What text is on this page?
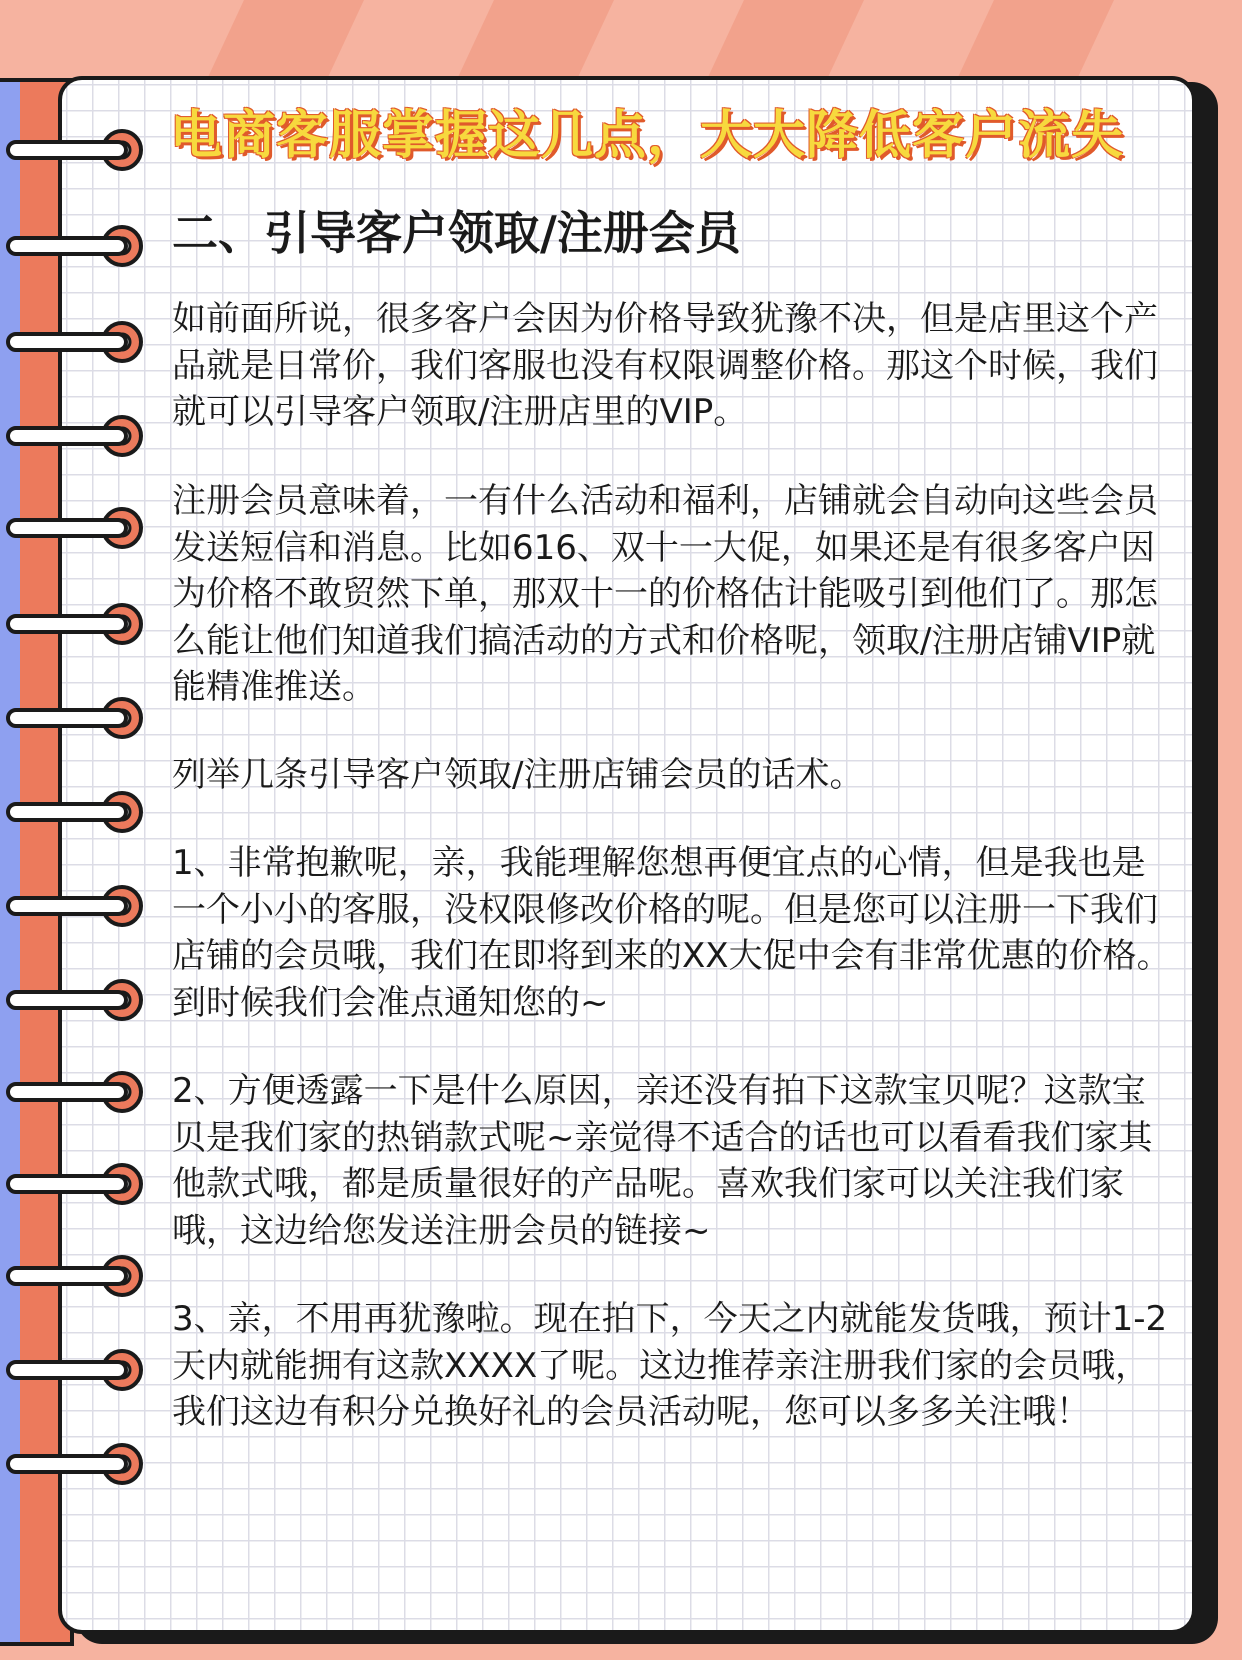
电商客服掌握这几点，大大降低客户流失
二、引导客户领取/注册会员
如前面所说，很多客户会因为价格导致犹豫不决，但是店里这个产品就是日常价，我们客服也没有权限调整价格。那这个时候，我们就可以引导客户领取/注册店里的VIP。
注册会员意味着，一有什么活动和福利，店铺就会自动向这些会员发送短信和消息。比如616、双十一大促，如果还是有很多客户因为价格不敢贸然下单，那双十一的价格估计能吸引到他们了。那怎么能让他们知道我们搞活动的方式和价格呢，领取/注册店铺VIP就能精准推送。
列举几条引导客户领取/注册店铺会员的话术。
1、非常抱歉呢，亲，我能理解您想再便宜点的心情，但是我也是一个小小的客服，没权限修改价格的呢。但是您可以注册一下我们店铺的会员哦，我们在即将到来的XX大促中会有非常优惠的价格。到时候我们会准点通知您的~
2、方便透露一下是什么原因，亲还没有拍下这款宝贝呢？这款宝贝是我们家的热销款式呢~亲觉得不适合的话也可以看看我们家其他款式哦，都是质量很好的产品呢。喜欢我们家可以关注我们家哦，这边给您发送注册会员的链接~
3、亲，不用再犹豫啦。现在拍下，今天之内就能发货哦，预计1-2天内就能拥有这款XXXX了呢。这边推荐亲注册我们家的会员哦，我们这边有积分兑换好礼的会员活动呢，您可以多多关注哦！
